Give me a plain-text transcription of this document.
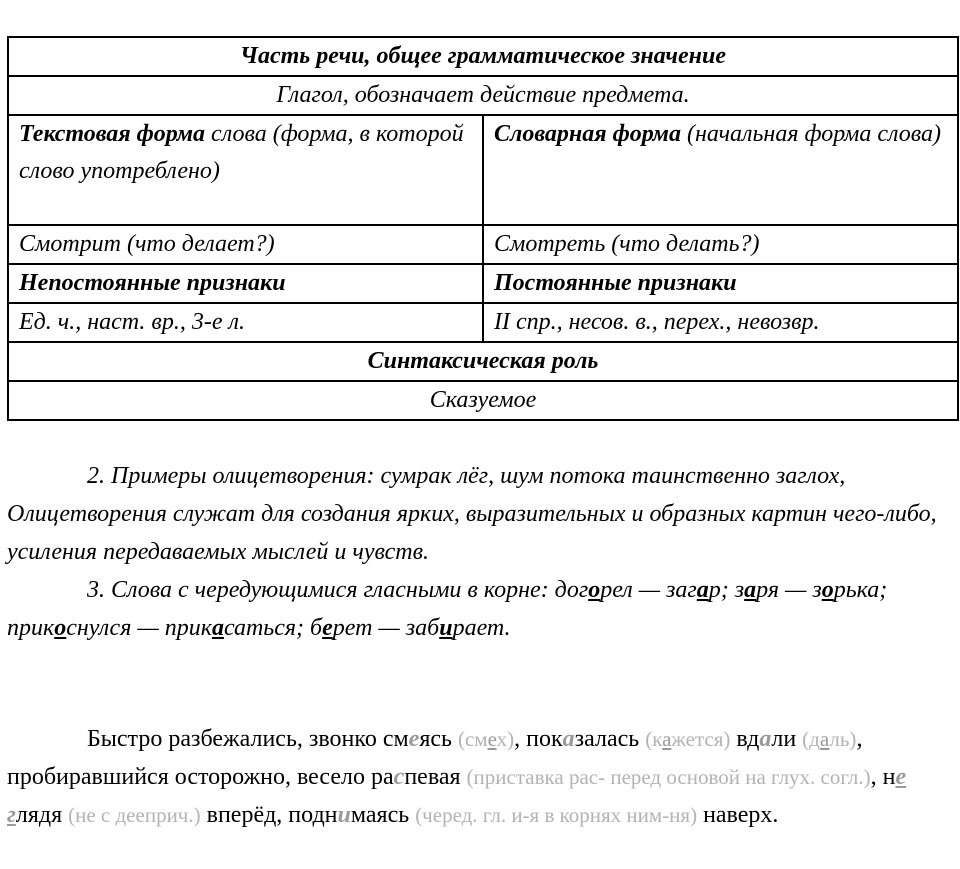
Часть речи, общее грамматическое значение	
Глагол, обозначает действие предмета.	
Текстовая форма слова (форма, в которой слово употреблено)	Словарная форма (начальная форма слова)
Смотрит (что делает?)	Смотреть (что делать?)
Непостоянные признаки	Постоянные признаки
Ед. ч., наст. вр., 3-е л.	II спр., несов. в., перех., невозвр.
Синтаксическая роль	
Сказуемое	
2. Примеры олицетворения: сумрак лёг, шум потока таинственно заглох, Олицетворения служат для создания ярких, выразительных и образных картин чего-либо, усиления передаваемых мыслей и чувств.
3. Слова с чередующимися гласными в корне: догорел — загар; заря — зорька; прикоснулся — прикасаться; берет — забирает.
Быстро разбежались, звонко смеясь (смех), показалась (кажется) вдали (даль), пробиравшийся осторожно, весело распевая (приставка рас- перед основой на глух. согл.), не глядя (не с дееприч.) вперёд, поднимаясь (черед. гл. и-я в корнях ним-ня) наверх.
